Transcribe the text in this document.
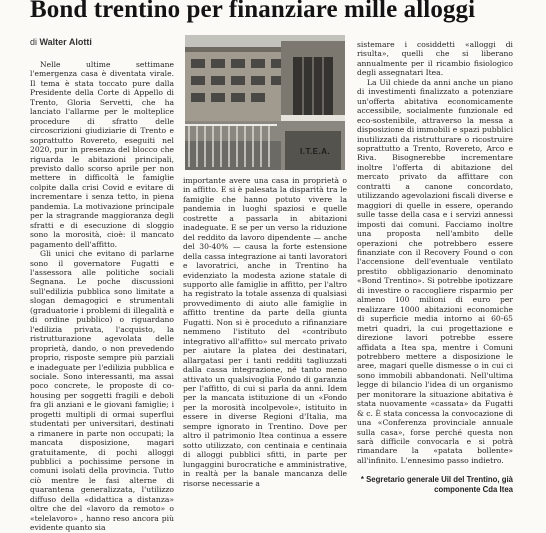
Bond trentino per finanziare mille alloggi
di Walter Alotti
I.T.E.A.

Nelle ultime settimane l'emergenza casa è diventata virale. Il tema è stata toccato pure dalla Presidente della Corte di Appello di Trento, Gloria Servetti, che ha lanciato l'allarme per le molteplice procedure di sfratto delle circoscrizioni giudiziarie di Trento e soprattutto Rovereto, eseguiti nel 2020, pur in presenza del blocco che riguarda le abitazioni principali, previsto dallo scorso aprile per non mettere in difficoltà le famiglie colpite dalla crisi Covid e evitare di incrementare i senza tetto, in piena pandemia. La motivazione principale per la stragrande maggioranza degli sfratti e di esecuzione di sloggio sono la morosità, cioè: il mancato pagamento dell'affitto.

Gli unici che evitano di parlarne sono il governatore Fugatti e l'assessora alle politiche sociali Segnana. Le poche discussioni sull'edilizia pubblica sono limitate a slogan demagogici e strumentali (graduatorie i problemi di illegalità e di ordine pubblico) o riguardano l'edilizia privata, l'acquisto, la ristrutturazione agevolata delle proprietà, dando, o non prevedendo proprio, risposte sempre più parziali e inadeguate per l'edilizia pubblica e sociale. Sono interessanti, ma assai poco concrete, le proposte di co-housing per soggetti fragili e deboli fra gli anziani e le giovani famiglie; i progetti multipli di ormai superflui studentati per universitari, destinati a rimanere in parte non occupati; la mancata disposizione, magari gratuitamente, di pochi alloggi pubblici a pochissime persone in comuni isolati della provincia. Tutto ciò mentre le fasi alterne di quarantena generalizzata, l'utilizzo diffuso della «didattica a distanza» oltre che del «lavoro da remoto» o «telelavoro» , hanno reso ancora più evidente quanto sia

importante avere una casa in proprietà o in affitto. E si è palesata la disparità tra le famiglie che hanno potuto vivere la pandemia in luoghi spaziosi e quelle costrette a passarla in abitazioni inadeguate. E se per un verso la riduzione del reddito da lavoro dipendente — anche del 30-40% — causa la forte estensione della cassa integrazione ai tanti lavoratori e lavoratrici, anche in Trentino ha evidenziato la modesta azione statale di supporto alle famiglie in affitto, per l'altro ha registrato la totale assenza di qualsiasi provvedimento di aiuto alle famiglie in affitto trentine da parte della giunta Fugatti. Non si è proceduto a rifinanziare nemmeno l'istituto del «contributo integrativo all'affitto» sul mercato privato per aiutare la platea dei destinatari, allargatasi per i tanti redditi tagliuzzati dalla cassa integrazione, né tanto meno attivato un qualsivoglia Fondo di garanzia per l'affitto, di cui si parla da anni. Idem per la mancata istituzione di un «Fondo per la morosità incolpevole», istituito in essere in diverse Regioni d'Italia, ma sempre ignorato in Trentino. Dove per altro il patrimonio Itea continua a essere sotto utilizzato, con centinaia e centinaia di alloggi pubblici sfitti, in parte per lungaggini burocratiche e amministrative, in realtà per la banale mancanza delle risorse necessarie a

sistemare i cosiddetti «alloggi di risulta», quelli che si liberano annualmente per il ricambio fisiologico degli assegnatari Itea.

La Uil chiede da anni anche un piano di investimenti finalizzato a potenziare un'offerta abitativa economicamente accessibile, socialmente funzionale ed eco-sostenibile, attraverso la messa a disposizione di immobili e spazi pubblici inutilizzati da ristrutturare o ricostruire soprattutto a Trento, Rovereto, Arco e Riva. Bisognerebbe incrementare inoltre l'offerta di abitazione del mercato privato da affittare con contratti a canone concordato, utilizzando agevolazioni fiscali diverse e maggiori di quelle in essere, operando sulle tasse della casa e i servizi annessi imposti dai comuni. Facciamo inoltre una proposta nell'ambito delle operazioni che potrebbero essere finanziate con il Recovery Found o con l'accensione dell'eventuale ventilato prestito obbligazionario denominato «Bond Trentino». Si potrebbe ipotizzare di investire o raccogliere risparmio per almeno 100 milioni di euro per realizzare 1000 abitazioni economiche di superficie media intorno ai 60-65 metri quadri, la cui progettazione e direzione lavori potrebbe essere affidata a Itea spa, mentre i Comuni potrebbero mettere a disposizione le aree, magari quelle dismesse o in cui ci sono immobili abbandonati. Nell'ultima legge di bilancio l'idea di un organismo per monitorare la situazione abitativa è stata nuovamente «cassata» da Fugatti & c. È stata concessa la convocazione di una «Conferenza provinciale annuale sulla casa», forse perché questa non sarà difficile convocarla e si potrà rimandare la «patata bollente» all'infinito. L'ennesimo passo indietro.

* Segretario generale Uil del Trentino, già componente Cda Itea
